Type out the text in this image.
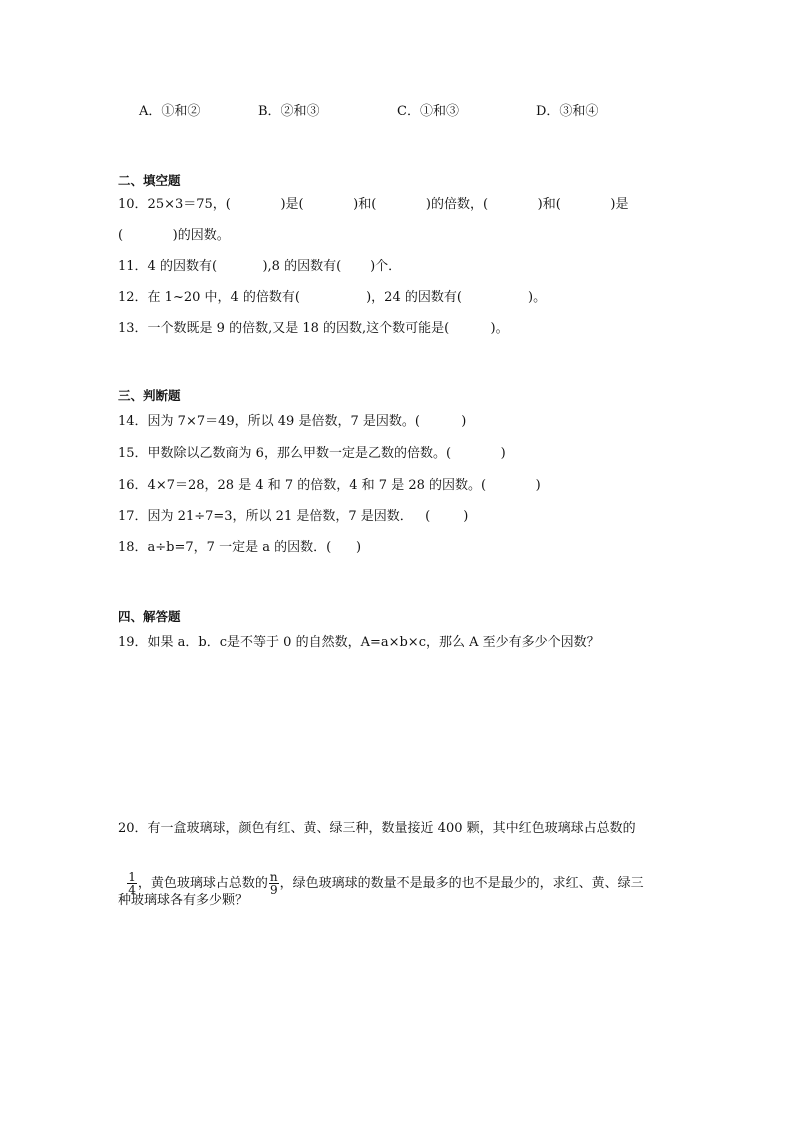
A．①和②	B．②和③	C．①和③	D．③和④
二、填空题
10．25×3＝75，(            )是(            )和(            )的倍数，(            )和(            )是
(            )的因数。
11．4 的因数有(           ),8 的因数有(       )个．
12．在 1~20 中，4 的倍数有(                )，24 的因数有(                )。
13．一个数既是 9 的倍数,又是 18 的因数,这个数可能是(          )。
三、判断题
14．因为 7×7＝49，所以 49 是倍数，7 是因数。(          )
15．甲数除以乙数商为 6，那么甲数一定是乙数的倍数。(            )
16．4×7＝28，28 是 4 和 7 的倍数，4 和 7 是 28 的因数。(            )
17．因为 21÷7=3，所以 21 是倍数，7 是因数．   (        )
18．a÷b=7，7 一定是 a 的因数．(      )
四、解答题
19．如果 a．b．c是不等于 0 的自然数，A=a×b×c，那么 A 至少有多少个因数？
20．有一盒玻璃球，颜色有红、黄、绿三种，数量接近 400 颗，其中红色玻璃球占总数的

$\frac{1}{4}$ ，黄色玻璃球占总数的 $\frac{n}{9}$ ，绿色玻璃球的数量不是最多的也不是最少的，求红、黄、绿三

种玻璃球各有多少颗？
